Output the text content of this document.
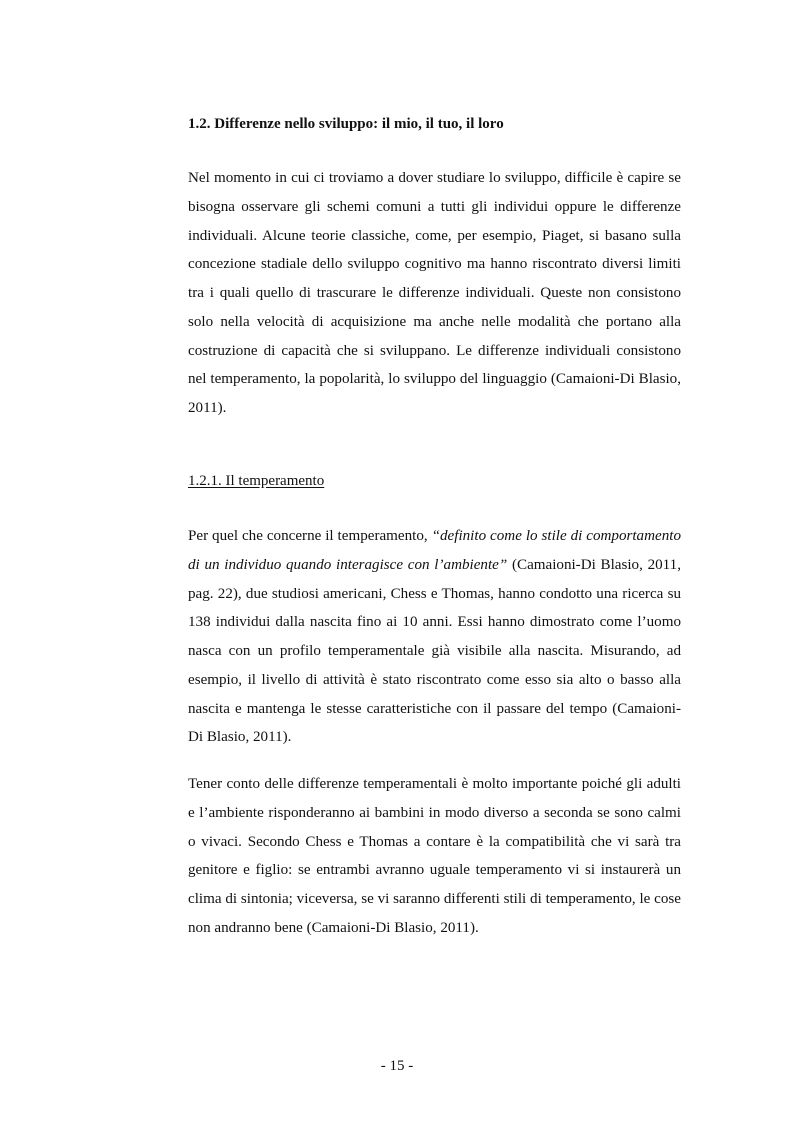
1.2. Differenze nello sviluppo: il mio, il tuo, il loro

Nel momento in cui ci troviamo a dover studiare lo sviluppo, difficile è capire se bisogna osservare gli schemi comuni a tutti gli individui oppure le differenze individuali. Alcune teorie classiche, come, per esempio, Piaget, si basano sulla concezione stadiale dello sviluppo cognitivo ma hanno riscontrato diversi limiti tra i quali quello di trascurare le differenze individuali. Queste non consistono solo nella velocità di acquisizione ma anche nelle modalità che portano alla costruzione di capacità che si sviluppano. Le differenze individuali consistono nel temperamento, la popolarità, lo sviluppo del linguaggio (Camaioni-Di Blasio, 2011).

1.2.1. Il temperamento

Per quel che concerne il temperamento, “definito come lo stile di comportamento di un individuo quando interagisce con l’ambiente” (Camaioni-Di Blasio, 2011, pag. 22), due studiosi americani, Chess e Thomas, hanno condotto una ricerca su 138 individui dalla nascita fino ai 10 anni. Essi hanno dimostrato come l’uomo nasca con un profilo temperamentale già visibile alla nascita. Misurando, ad esempio, il livello di attività è stato riscontrato come esso sia alto o basso alla nascita e mantenga le stesse caratteristiche con il passare del tempo (Camaioni-Di Blasio, 2011).

Tener conto delle differenze temperamentali è molto importante poiché gli adulti e l’ambiente risponderanno ai bambini in modo diverso a seconda se sono calmi o vivaci. Secondo Chess e Thomas a contare è la compatibilità che vi sarà tra genitore e figlio: se entrambi avranno uguale temperamento vi si instaurerà un clima di sintonia; viceversa, se vi saranno differenti stili di temperamento, le cose non andranno bene (Camaioni-Di Blasio, 2011).

- 15 -
